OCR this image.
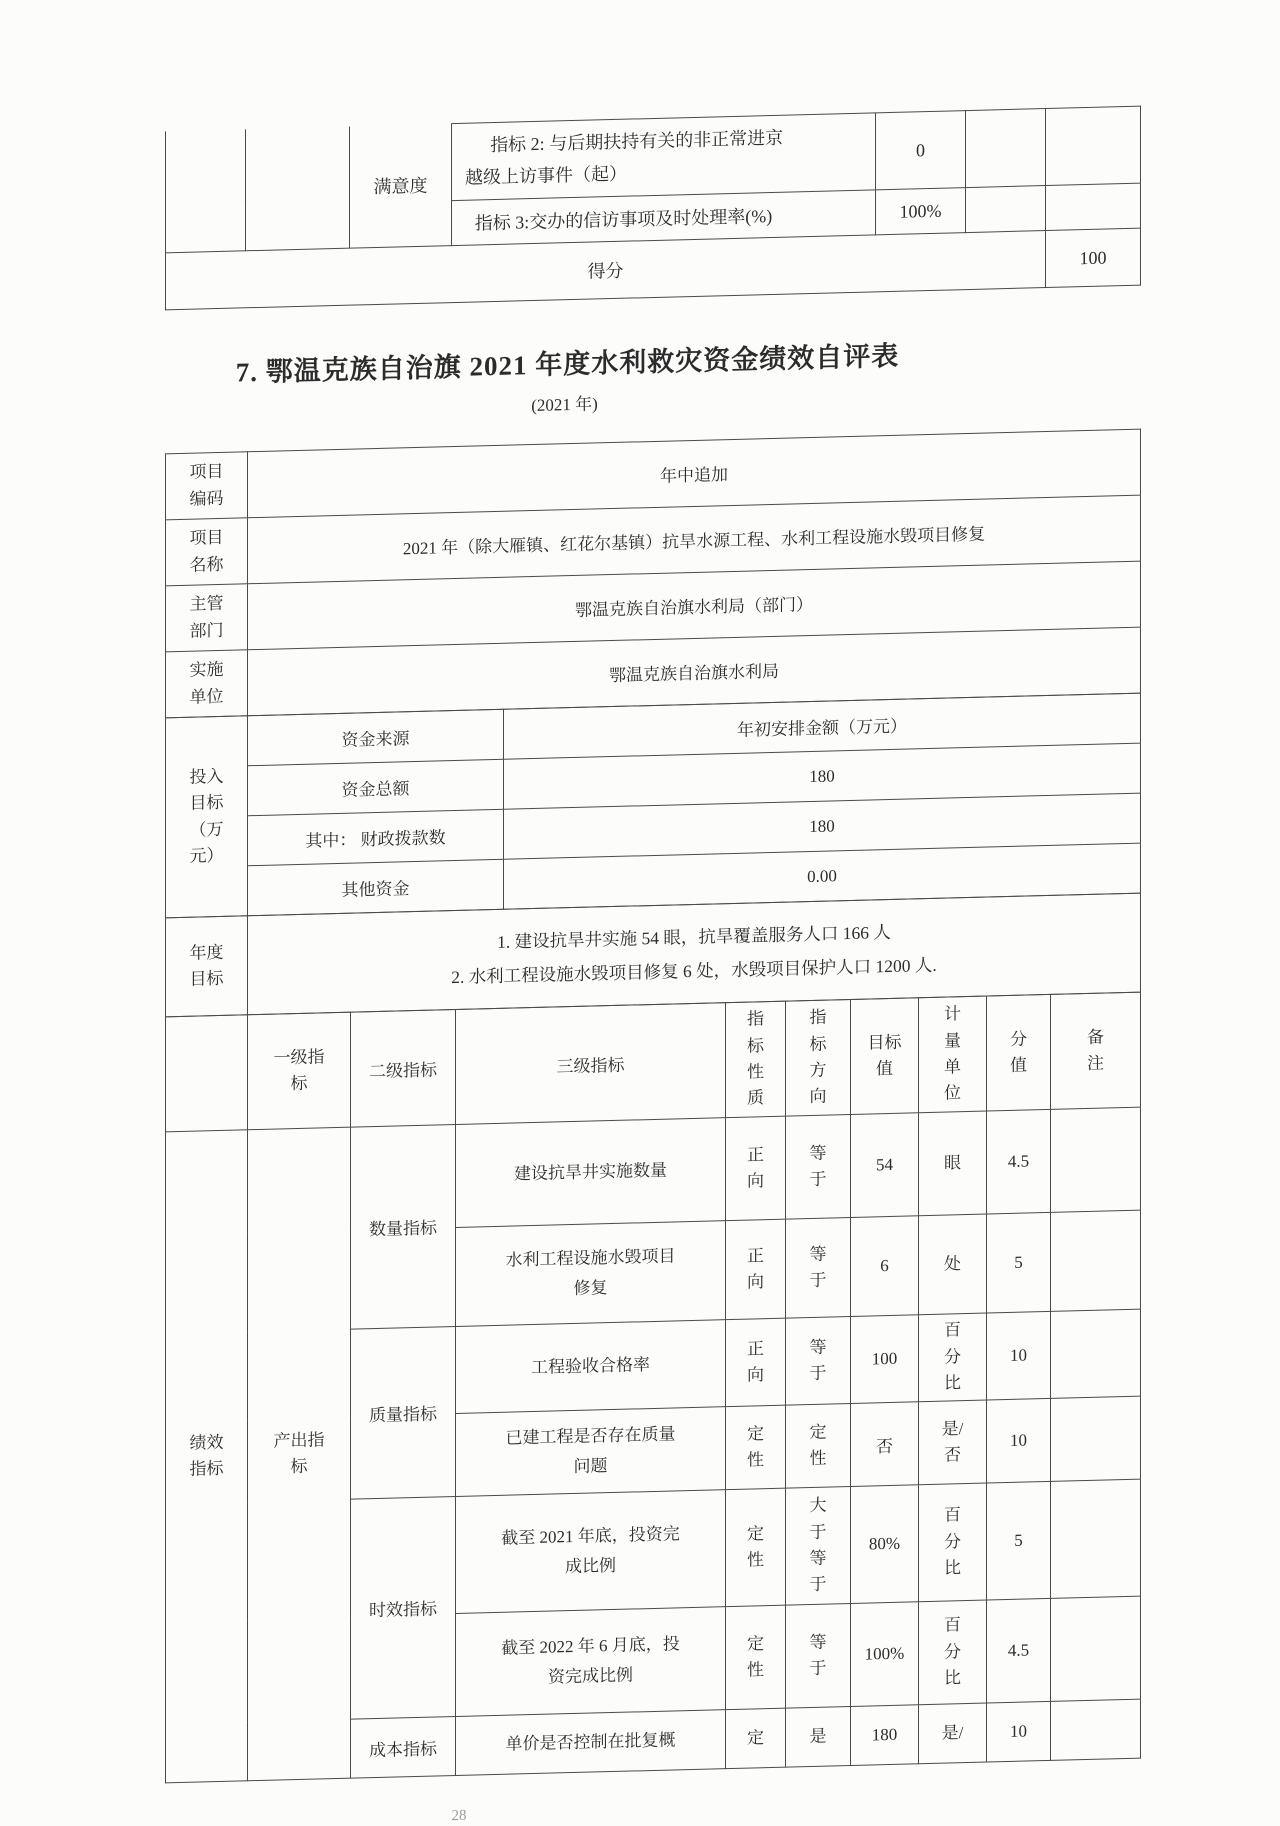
		满意度	指标 2: 与后期扶持有关的非正常进京越级上访事件（起）	0		

			指标 3:交办的信访事项及时处理率(%)	100%		
得分						100
7. 鄂温克族自治旗 2021 年度水利救灾资金绩效自评表
(2021 年)
项目编码	年中追加
项目名称	2021 年（除大雁镇、红花尔基镇）抗旱水源工程、水利工程设施水毁项目修复
主管部门	鄂温克族自治旗水利局（部门）
实施单位	鄂温克族自治旗水利局
投入目标（万元）	资金来源	年初安排金额（万元）
	资金总额	180
	其中： 财政拨款数	180
	其他资金	0.00
年度目标	
1. 建设抗旱井实施 54 眼，抗旱覆盖服务人口 166 人
2. 水利工程设施水毁项目修复 6 处，水毁项目保护人口 1200 人.
	一级指标	二级指标	三级指标	指标性质	指标方向	目标值	计量单位	分值	备注
绩效指标	产出指标	数量指标	建设抗旱井实施数量	正向	等于	54	眼	4.5	
			水利工程设施水毁项目修复	正向	等于	6	处	5	
		质量指标	工程验收合格率	正向	等于	100	百分比	10	
			已建工程是否存在质量问题	定性	定性	否	是/否	10	
		时效指标	截至 2021 年底，投资完成比例	定性	大于等于	80%	百分比	5	
			截至 2022 年 6 月底，投资完成比例	定性	等于	100%	百分比	4.5	
		成本指标	单价是否控制在批复概	定	是	180	是/	10	
28
